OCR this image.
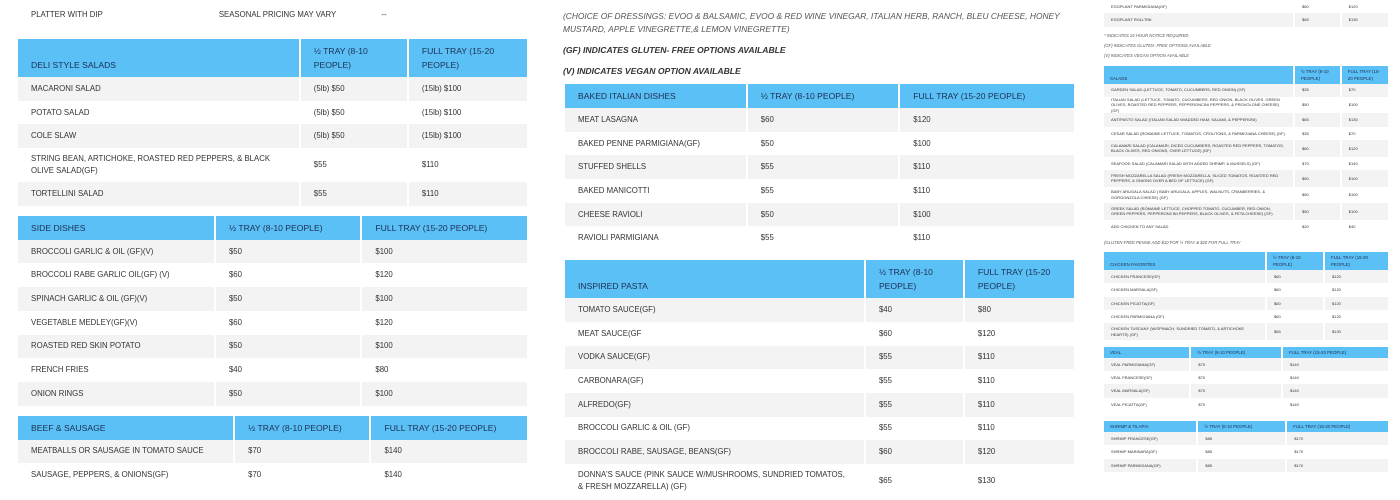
PLATTER WITH DIP	SEASONAL PRICING MAY VARY	--
DELI STYLE SALADS	½ TRAY (8-10 PEOPLE)	FULL TRAY (15-20 PEOPLE)
MACARONI SALAD	(5lb) $50	(15lb) $100
POTATO SALAD	(5lb) $50	(15lb) $100
COLE SLAW	(5lb) $50	(15lb) $100
STRING BEAN, ARTICHOKE, ROASTED RED PEPPERS, & BLACK OLIVE SALAD(GF)	$55	$110
TORTELLINI SALAD	$55	$110
SIDE DISHES	½ TRAY (8-10 PEOPLE)	FULL TRAY (15-20 PEOPLE)
BROCCOLI GARLIC & OIL (GF)(V)	$50	$100
BROCCOLI RABE GARLIC OIL(GF) (V)	$60	$120
SPINACH GARLIC & OIL (GF)(V)	$50	$100
VEGETABLE MEDLEY(GF)(V)	$60	$120
ROASTED RED SKIN POTATO	$50	$100
FRENCH FRIES	$40	$80
ONION RINGS	$50	$100
BEEF & SAUSAGE	½ TRAY (8-10 PEOPLE)	FULL TRAY (15-20 PEOPLE)
MEATBALLS OR SAUSAGE IN TOMATO SAUCE	$70	$140
SAUSAGE, PEPPERS, & ONIONS(GF)	$70	$140

(CHOICE OF DRESSINGS: EVOO & BALSAMIC, EVOO & RED WINE VINEGAR, ITALIAN HERB, RANCH, BLEU CHEESE, HONEY MUSTARD, APPLE VINEGRETTE,& LEMON VINEGRETTE)

(GF) INDICATES GLUTEN- FREE OPTIONS AVAILABLE

(V) INDICATES VEGAN OPTION AVAILABLE

BAKED ITALIAN DISHES	½ TRAY (8-10 PEOPLE)	FULL TRAY (15-20 PEOPLE)
MEAT LASAGNA	$60	$120
BAKED PENNE PARMIGIANA(GF)	$50	$100
STUFFED SHELLS	$55	$110
BAKED MANICOTTI	$55	$110
CHEESE RAVIOLI	$50	$100
RAVIOLI PARMIGIANA	$55	$110
INSPIRED PASTA	½ TRAY (8-10 PEOPLE)	FULL TRAY (15-20 PEOPLE)
TOMATO SAUCE(GF)	$40	$80
MEAT SAUCE(GF	$60	$120
VODKA SAUCE(GF)	$55	$110
CARBONARA(GF)	$55	$110
ALFREDO(GF)	$55	$110
BROCCOLI GARLIC & OIL (GF)	$55	$110
BROCCOLI RABE, SAUSAGE, BEANS(GF)	$60	$120
DONNA'S SAUCE (PINK SAUCE W/MUSHROOMS, SUNDRIED TOMATOS, & FRESH MOZZARELLA) (GF)	$65	$130
EGGPLANT PARMIGIANA(GF)	$60	$120
EGGPLANT ROLLTINI	$65	$130

* INDICATES 24 HOUR NOTICE REQUIRED

(GF) INDICATES GLUTEN- FREE OPTIONS AVAILABLE

(V) INDICATES VEGAN OPTION AVAILABLE

SALADS	½ TRAY (8-10 PEOPLE)	FULL TRAY (15-20 PEOPLE)
GARDEN SALAD (LETTUCE, TOMATO, CUCUMBERS, RED ONION) (GF)	$35	$70
ITALIAN SALAD (LETTUCE, TOMATO, CUCUMBERS, RED ONION, BLACK OLIVES, GREEN OLIVES, ROASTED RED PEPPERS, PEPPERONCINI PEPPERS, & PROVOLONE CHEESE) (GF)	$50	$100
ANTIPASTO SALAD (ITALIAN SALAD W/ADDED HAM, SALAMI, & PEPPERONI)	$65	$130
CESAR SALAD (ROMAINE LETTUCE, TOMATOS, CROUTONS, & PARMIGIANA CHEESE) (GF)	$35	$70
CALAMARI SALAD (CALAMARI, DICED CUCUMBERS, ROASTED RED PEPPERS, TOMATOS, BLACK OLIVES, RED ONIONS, OVER LETTUCE) (GF)	$60	$120
SEAFOOD SALAD (CALAMARI SALAD WITH ADDED SHRIMP, & MUSSELS) (GF)	$70	$140
FRESH MOZZARELLA SALAD (FRESH MOZZARELLA, SLICED TOMATOS, ROASTED RED PEPPERS, & ONIONS OVER A BED OF LETTUCE) (GF)	$50	$100
BABY ARUGALA SALAD ( BABY ARUGALA, APPLES, WALNUTS, CRANBERRIES, & GORGONZOLA CHEESE) (GF)	$50	$100
GREEK SALAD (ROMAINE LETTUCE, CHOPPED TOMATO, CUCUMBER, RED ONION, GREEN PEPPERS, PEPPERONCINI PEPPERS, BLACK OLIVES, & FETA CHEESE) (GF)	$50	$100
ADD CHICKEN TO ANY SALAD	$20	$40

(GLUTEN-FREE PENNE ADD $10 FOR ½ TRAY & $20 FOR FULL TRAY

CHICKEN FAVORITES	½ TRAY (8-10 PEOPLE)	FULL TRAY (15-20 PEOPLE)
CHICKEN FRANCESE(GF)	$60	$120
CHICKEN MARSALA(GF)	$60	$120
CHICKEN PICATTA(GF)	$60	$120
CHICKEN PARMIGIANA (GF)	$60	$120
CHICKEN TUSCANY (W/SPINACH, SUNDRIED TOMATO, & ARTICHOKE HEARTS) (GF)	$65	$130
VEAL	½ TRAY (8-10 PEOPLE)	FULL TRAY (15-20 PEOPLE)
VEAL PARMIGIANA(GF)	$70	$140
VEAL FRANCESE(GF)	$70	$140
VEAL MARSALA(GF)	$70	$140
VEAL PICATTA(GF)	$70	$140
SHRIMP & TILAPIA	½ TRAY (8-10 PEOPLE)	FULL TRAY (15-20 PEOPLE)
SHRIMP FRANCESE(GF)	$85	$170
SHRIMP MARINARA(GF)	$85	$170
SHRIMP PARMIGIANA(GF)	$85	$170
